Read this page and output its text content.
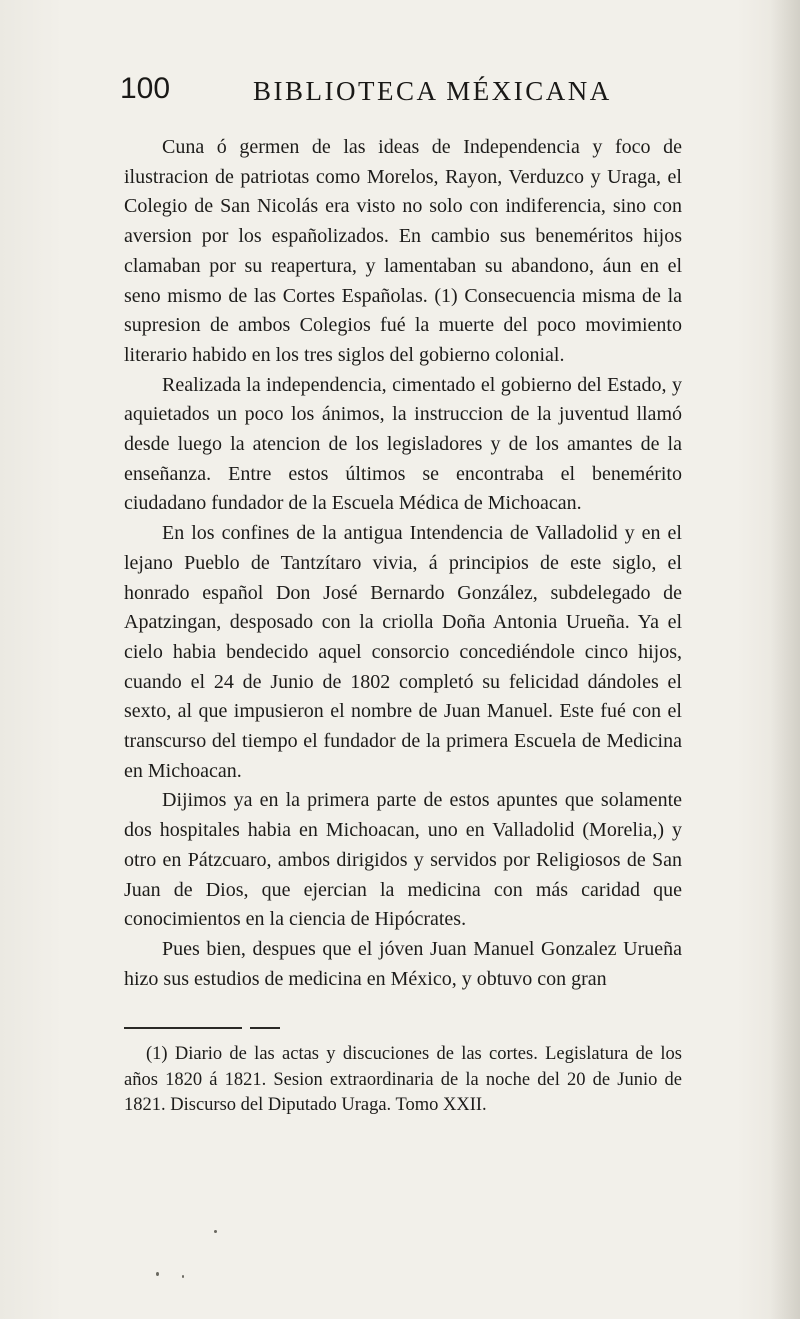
100	BIBLIOTECA MÉXICANA

Cuna ó germen de las ideas de Independencia y foco de ilustracion de patriotas como Morelos, Rayon, Verduzco y Uraga, el Colegio de San Nicolás era visto no solo con indiferencia, sino con aversion por los españolizados. En cambio sus beneméritos hijos clamaban por su reapertura, y lamentaban su abandono, áun en el seno mismo de las Cortes Españolas. (1) Consecuencia misma de la supresion de ambos Colegios fué la muerte del poco movimiento literario habido en los tres siglos del gobierno colonial.

Realizada la independencia, cimentado el gobierno del Estado, y aquietados un poco los ánimos, la instruccion de la juventud llamó desde luego la atencion de los legisladores y de los amantes de la enseñanza. Entre estos últimos se encontraba el benemérito ciudadano fundador de la Escuela Médica de Michoacan.

En los confines de la antigua Intendencia de Valladolid y en el lejano Pueblo de Tantzítaro vivia, á principios de este siglo, el honrado español Don José Bernardo González, subdelegado de Apatzingan, desposado con la criolla Doña Antonia Urueña. Ya el cielo habia bendecido aquel consorcio concediéndole cinco hijos, cuando el 24 de Junio de 1802 completó su felicidad dándoles el sexto, al que impusieron el nombre de Juan Manuel. Este fué con el transcurso del tiempo el fundador de la primera Escuela de Medicina en Michoacan.

Dijimos ya en la primera parte de estos apuntes que solamente dos hospitales habia en Michoacan, uno en Valladolid (Morelia,) y otro en Pátzcuaro, ambos dirigidos y servidos por Religiosos de San Juan de Dios, que ejercian la medicina con más caridad que conocimientos en la ciencia de Hipócrates.

Pues bien, despues que el jóven Juan Manuel Gonzalez Urueña hizo sus estudios de medicina en México, y obtuvo con gran

(1) Diario de las actas y discuciones de las cortes. Legislatura de los años 1820 á 1821. Sesion extraordinaria de la noche del 20 de Junio de 1821. Discurso del Diputado Uraga. Tomo XXII.
